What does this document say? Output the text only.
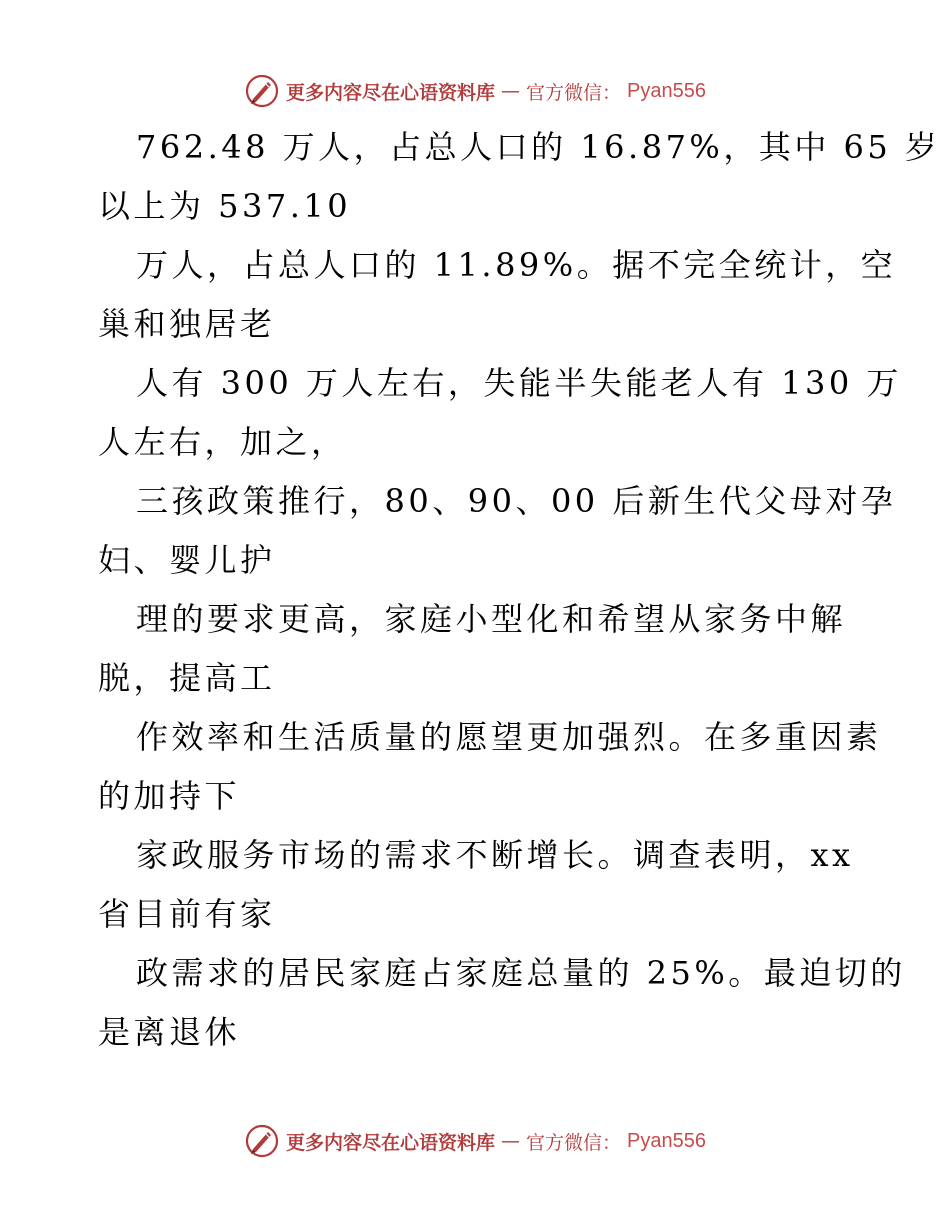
更多内容尽在心语资料库 — 官方微信： Pyan556
762.48 万人，占总人口的 16.87%，其中 65 岁
以上为 537.10
万人，占总人口的 11.89%。据不完全统计，空
巢和独居老
人有 300 万人左右，失能半失能老人有 130 万
人左右，加之，
三孩政策推行，80、90、00 后新生代父母对孕
妇、婴儿护
理的要求更高，家庭小型化和希望从家务中解
脱，提高工
作效率和生活质量的愿望更加强烈。在多重因素
的加持下
家政服务市场的需求不断增长。调查表明，xx
省目前有家
政需求的居民家庭占家庭总量的 25%。最迫切的
是离退休
更多内容尽在心语资料库 — 官方微信： Pyan556
